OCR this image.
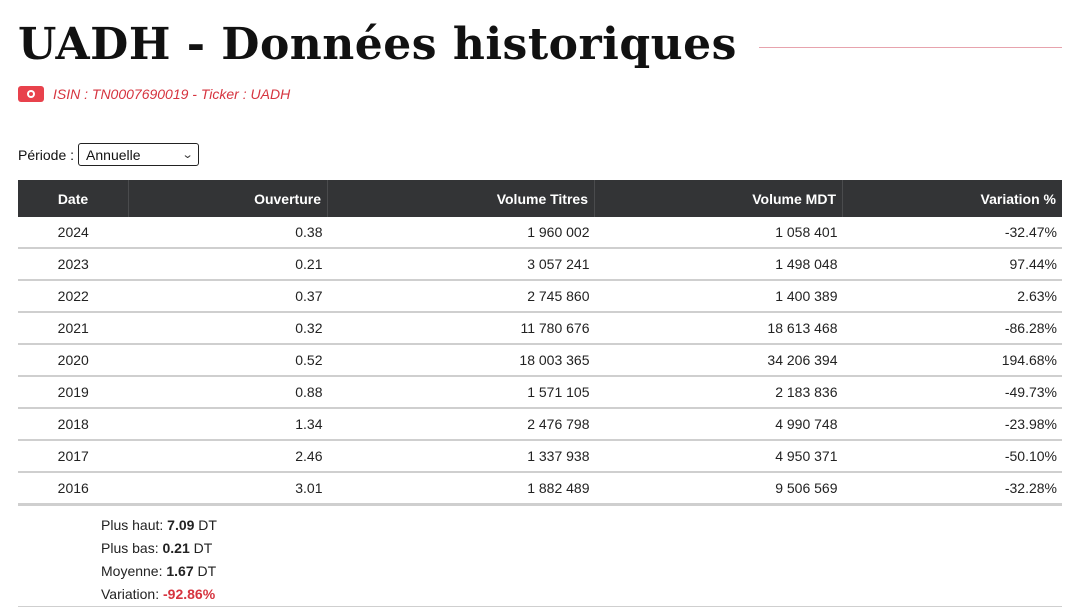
UADH - Données historiques
ISIN : TN0007690019 - Ticker : UADH
Période : Annuelle	⌄
Date	Ouverture	Volume Titres	Volume MDT	Variation %
2024	0.38	1 960 002	1 058 401	-32.47%
2023	0.21	3 057 241	1 498 048	97.44%
2022	0.37	2 745 860	1 400 389	2.63%
2021	0.32	11 780 676	18 613 468	-86.28%
2020	0.52	18 003 365	34 206 394	194.68%
2019	0.88	1 571 105	2 183 836	-49.73%
2018	1.34	2 476 798	4 990 748	-23.98%
2017	2.46	1 337 938	4 950 371	-50.10%
2016	3.01	1 882 489	9 506 569	-32.28%
Plus haut: 7.09 DT
Plus bas: 0.21 DT
Moyenne: 1.67 DT
Variation: -92.86%
